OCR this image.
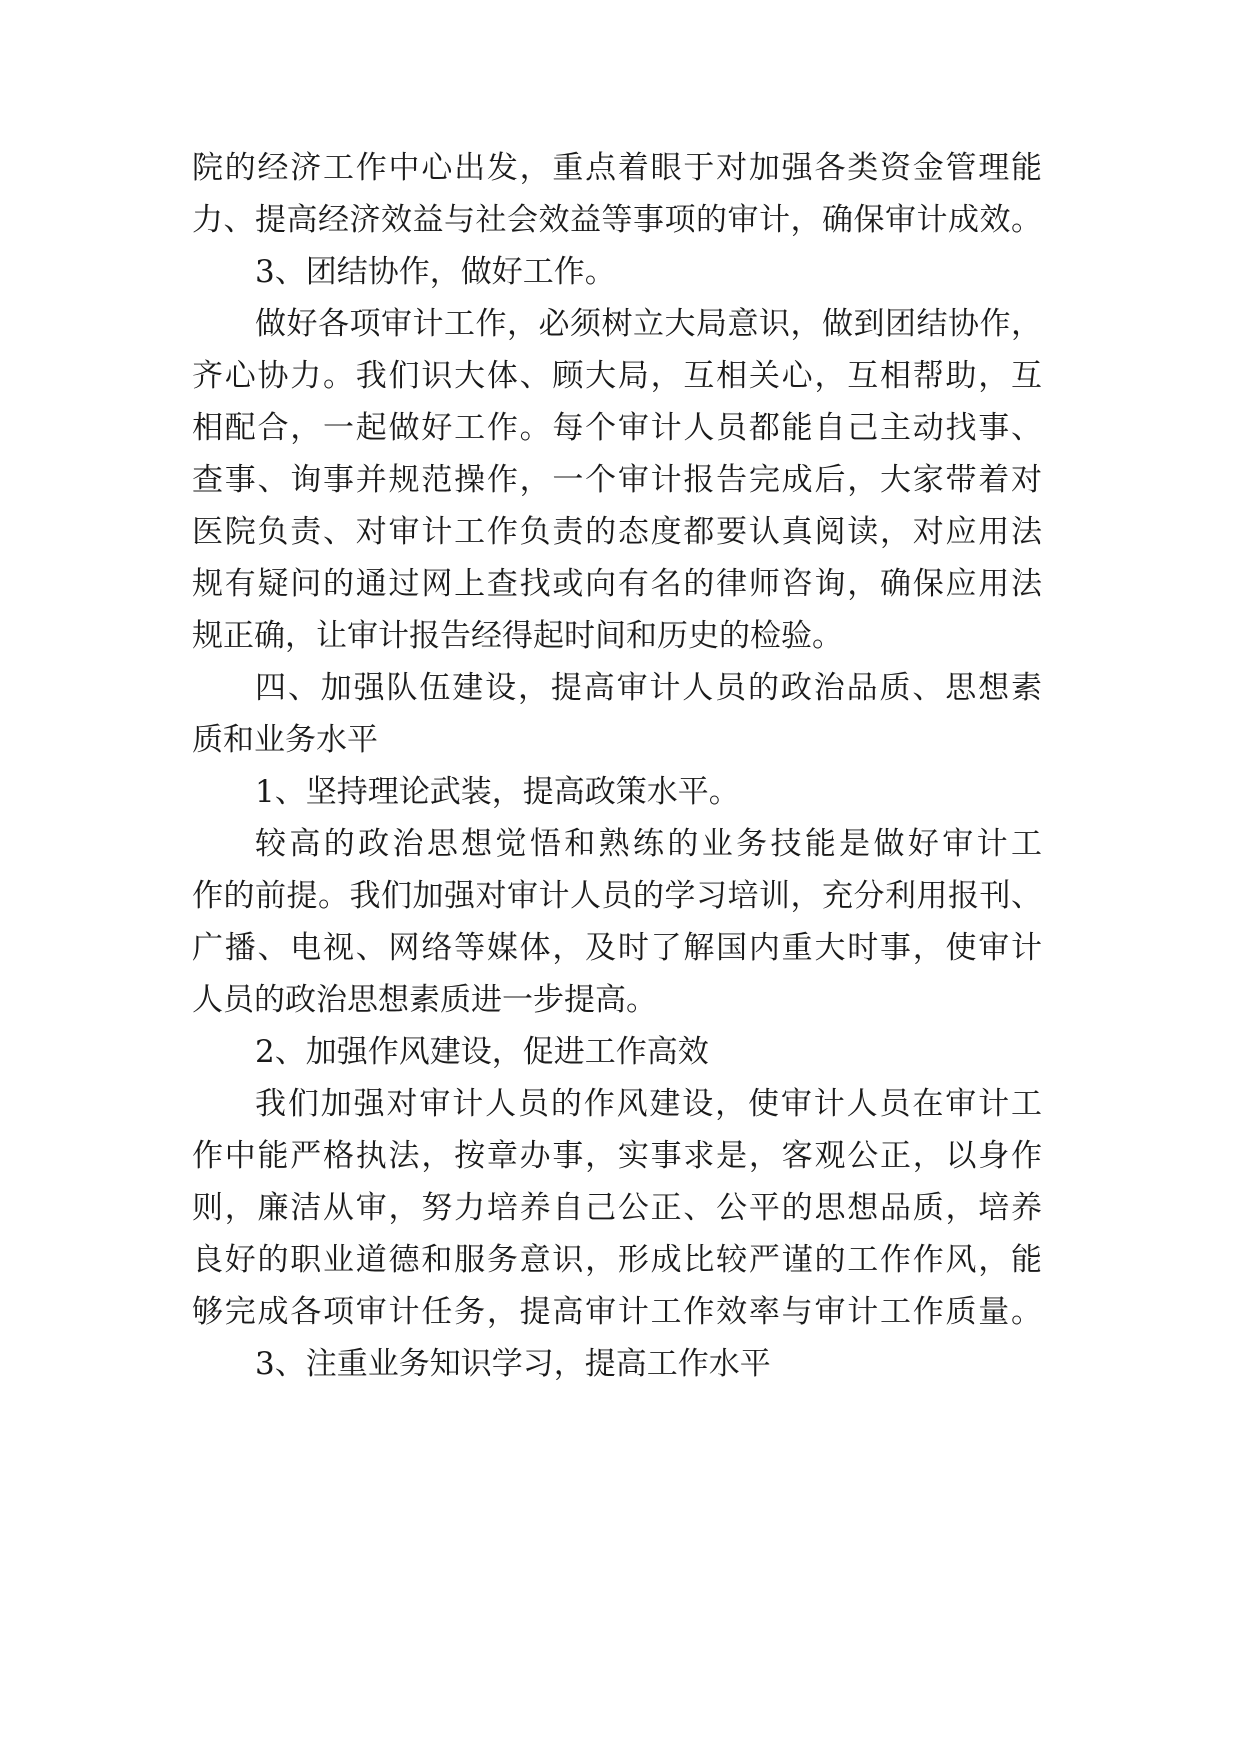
院的经济工作中心出发，重点着眼于对加强各类资金管理能
力、提高经济效益与社会效益等事项的审计，确保审计成效。
3、团结协作，做好工作。
做好各项审计工作，必须树立大局意识，做到团结协作，
齐心协力。我们识大体、顾大局，互相关心，互相帮助，互
相配合，一起做好工作。每个审计人员都能自己主动找事、
查事、询事并规范操作，一个审计报告完成后，大家带着对
医院负责、对审计工作负责的态度都要认真阅读，对应用法
规有疑问的通过网上查找或向有名的律师咨询，确保应用法
规正确，让审计报告经得起时间和历史的检验。
四、加强队伍建设，提高审计人员的政治品质、思想素
质和业务水平
1、坚持理论武装，提高政策水平。
较高的政治思想觉悟和熟练的业务技能是做好审计工
作的前提。我们加强对审计人员的学习培训，充分利用报刊、
广播、电视、网络等媒体，及时了解国内重大时事，使审计
人员的政治思想素质进一步提高。
2、加强作风建设，促进工作高效
我们加强对审计人员的作风建设，使审计人员在审计工
作中能严格执法，按章办事，实事求是，客观公正，以身作
则，廉洁从审，努力培养自己公正、公平的思想品质，培养
良好的职业道德和服务意识，形成比较严谨的工作作风，能
够完成各项审计任务，提高审计工作效率与审计工作质量。
3、注重业务知识学习，提高工作水平
